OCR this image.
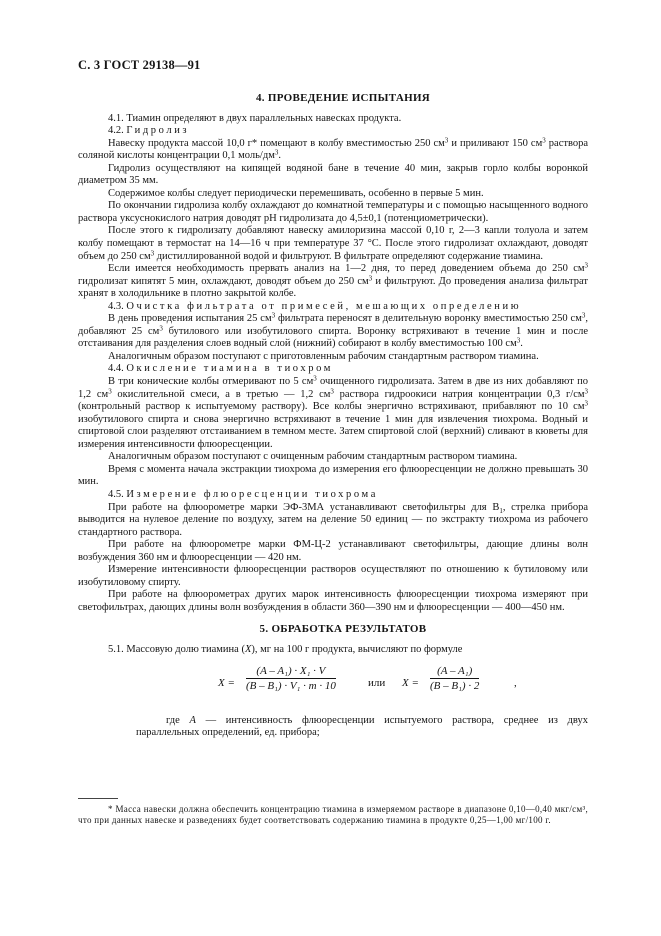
С. 3 ГОСТ 29138—91
4. ПРОВЕДЕНИЕ ИСПЫТАНИЯ

4.1. Тиамин определяют в двух параллельных навесках продукта.

4.2. Гидролиз

Навеску продукта массой 10,0 г* помещают в колбу вместимостью 250 $см^3$ и приливают 150 $см^3$ раствора соляной кислоты концентрации 0,1 моль/$дм^3$.

Гидролиз осуществляют на кипящей водяной бане в течение 40 мин, закрыв горло колбы воронкой диаметром 35 мм.

Содержимое колбы следует периодически перемешивать, особенно в первые 5 мин.

По окончании гидролиза колбу охлаждают до комнатной температуры и с помощью насыщенного водного раствора уксуснокислого натрия доводят рН гидролизата до 4,5±0,1 (потенциометрически).

После этого к гидролизату добавляют навеску амилоризина массой 0,10 г, 2—3 капли толуола и затем колбу помещают в термостат на 14—16 ч при температуре 37 °С. После этого гидролизат охлаждают, доводят объем до 250 $см^3$ дистиллированной водой и фильтруют. В фильтрате определяют содержание тиамина.

Если имеется необходимость прервать анализ на 1—2 дня, то перед доведением объема до 250 $см^3$ гидролизат кипятят 5 мин, охлаждают, доводят объем до 250 $см^3$ и фильтруют. До проведения анализа фильтрат хранят в холодильнике в плотно закрытой колбе.

4.3. Очистка фильтрата от примесей, мешающих определению

В день проведения испытания 25 $см^3$ фильтрата переносят в делительную воронку вместимостью 250 $см^3$, добавляют 25 $см^3$ бутилового или изобутилового спирта. Воронку встряхивают в течение 1 мин и после отстаивания для разделения слоев водный слой (нижний) собирают в колбу вместимостью 100 $см^3$.

Аналогичным образом поступают с приготовленным рабочим стандартным раствором тиамина.

4.4. Окисление тиамина в тиохром

В три конические колбы отмеривают по 5 $см^3$ очищенного гидролизата. Затем в две из них добавляют по 1,2 $см^3$ окислительной смеси, а в третью — 1,2 $см^3$ раствора гидроокиси натрия концентрации 0,3 $г/см^3$ (контрольный раствор к испытуемому раствору). Все колбы энергично встряхивают, прибавляют по 10 $см^3$ изобутилового спирта и снова энергично встряхивают в течение 1 мин для извлечения тиохрома. Водный и спиртовой слои разделяют отстаиванием в темном месте. Затем спиртовой слой (верхний) сливают в кюветы для измерения интенсивности флюоресценции.

Аналогичным образом поступают с очищенным рабочим стандартным раствором тиамина.

Время с момента начала экстракции тиохрома до измерения его флюоресценции не должно превышать 30 мин.

4.5. Измерение флюоресценции тиохрома

При работе на флюорометре марки ЭФ-3МА устанавливают светофильтры для $В_1$, стрелка прибора выводится на нулевое деление по воздуху, затем на деление 50 единиц — по экстракту тиохрома из рабочего стандартного раствора.

При работе на флюорометре марки ФМ-Ц-2 устанавливают светофильтры, дающие длины волн возбуждения 360 нм и флюоресценции — 420 нм.

Измерение интенсивности флюоресценции растворов осуществляют по отношению к бутиловому или изобутиловому спирту.

При работе на флюорометрах других марок интенсивность флюоресценции тиохрома измеряют при светофильтрах, дающих длины волн возбуждения в области 360—390 нм и флюоресценции — 400—450 нм.

5. ОБРАБОТКА РЕЗУЛЬТАТОВ

5.1. Массовую долю тиамина (X), мг на 100 г продукта, вычисляют по формуле

$X = \frac{\text{(A – A₁) · X₁ · V}}{\text{(B – B₁) · V₁ · m · 10}}$	или $X = \frac{\text{(A – A₁)}}{\text{(B – B₁) · 2}}$	,

где A — интенсивность флюоресценции испытуемого раствора, среднее из двух параллельных определений, ед. прибора;

* Масса навески должна обеспечить концентрацию тиамина в измеряемом растворе в диапазоне 0,10—0,40 мкг/см³, что при данных навеске и разведениях будет соответствовать содержанию тиамина в продукте 0,25—1,00 мг/100 г.
